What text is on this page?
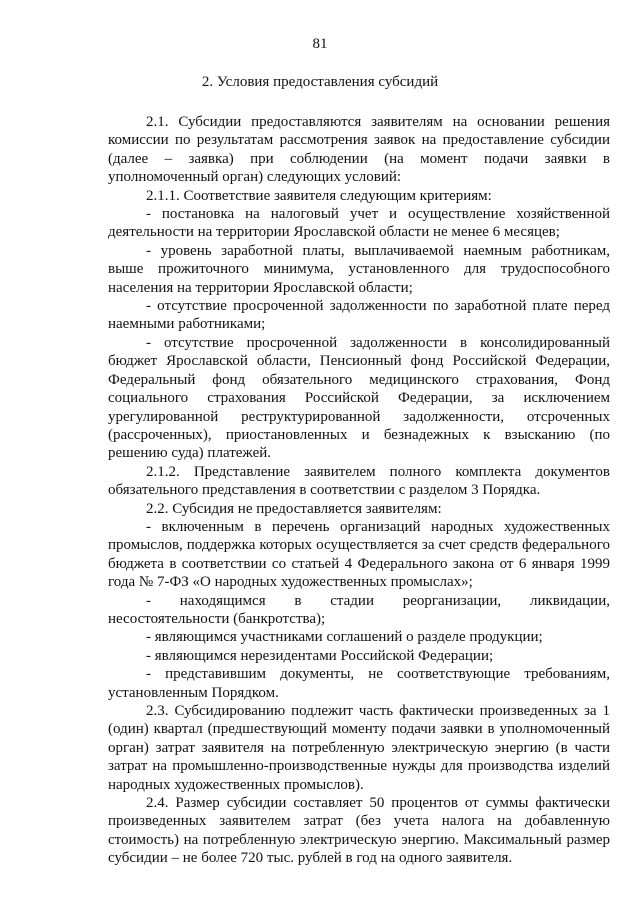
81
2. Условия предоставления субсидий

2.1. Субсидии предоставляются заявителям на основании решения комиссии по результатам рассмотрения заявок на предоставление субсидии (далее – заявка) при соблюдении (на момент подачи заявки в уполномоченный орган) следующих условий:

2.1.1. Соответствие заявителя следующим критериям:

- постановка на налоговый учет и осуществление хозяйственной деятельности на территории Ярославской области не менее 6 месяцев;

- уровень заработной платы, выплачиваемой наемным работникам, выше прожиточного минимума, установленного для трудоспособного населения на территории Ярославской области;

- отсутствие просроченной задолженности по заработной плате перед наемными работниками;

- отсутствие просроченной задолженности в консолидированный бюджет Ярославской области, Пенсионный фонд Российской Федерации, Федеральный фонд обязательного медицинского страхования, Фонд социального страхования Российской Федерации, за исключением урегулированной реструктурированной задолженности, отсроченных (рассроченных), приостановленных и безнадежных к взысканию (по решению суда) платежей.

2.1.2. Представление заявителем полного комплекта документов обязательного представления в соответствии с разделом 3 Порядка.

2.2. Субсидия не предоставляется заявителям:

- включенным в перечень организаций народных художественных промыслов, поддержка которых осуществляется за счет средств федерального бюджета в соответствии со статьей 4 Федерального закона от 6 января 1999 года № 7-ФЗ «О народных художественных промыслах»;

- находящимся в стадии реорганизации, ликвидации, несостоятельности (банкротства);

- являющимся участниками соглашений о разделе продукции;

- являющимся нерезидентами Российской Федерации;

- представившим документы, не соответствующие требованиям, установленным Порядком.

2.3. Субсидированию подлежит часть фактически произведенных за 1 (один) квартал (предшествующий моменту подачи заявки в уполномоченный орган) затрат заявителя на потребленную электрическую энергию (в части затрат на промышленно-производственные нужды для производства изделий народных художественных промыслов).

2.4. Размер субсидии составляет 50 процентов от суммы фактически произведенных заявителем затрат (без учета налога на добавленную стоимость) на потребленную электрическую энергию. Максимальный размер субсидии – не более 720 тыс. рублей в год на одного заявителя.
